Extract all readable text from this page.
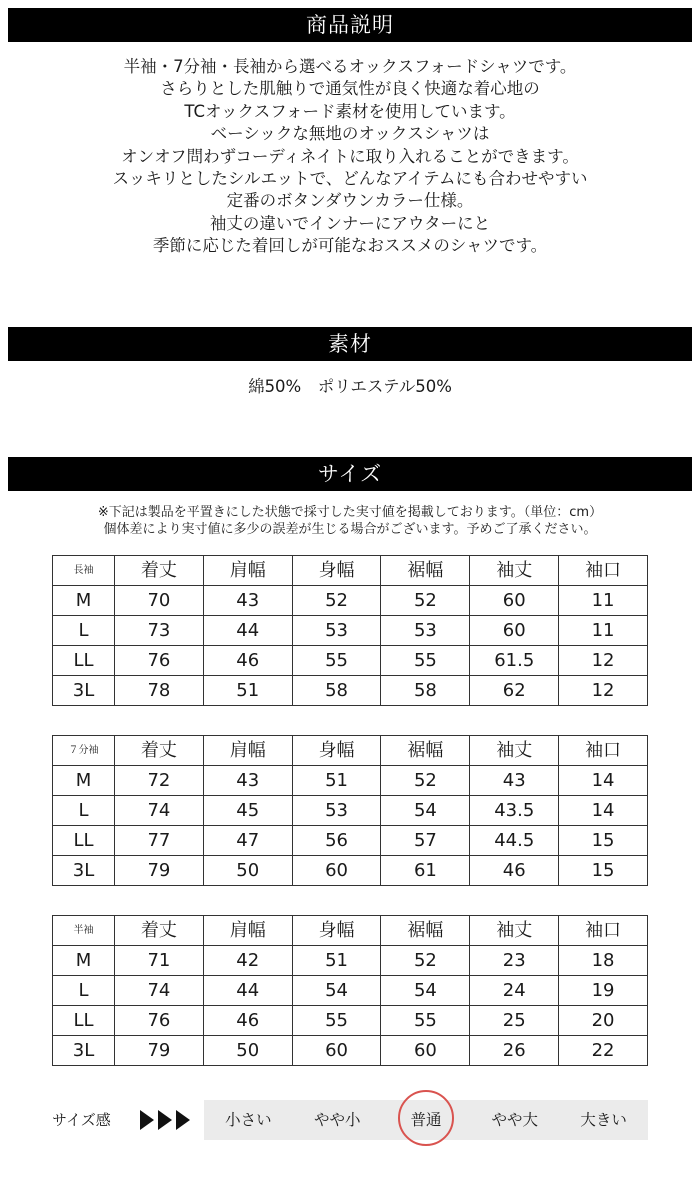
商品説明
半袖・7分袖・長袖から選べるオックスフォードシャツです。
さらりとした肌触りで通気性が良く快適な着心地の
TCオックスフォード素材を使用しています。
ベーシックな無地のオックスシャツは
オンオフ問わずコーディネイトに取り入れることができます。
スッキリとしたシルエットで、どんなアイテムにも合わせやすい
定番のボタンダウンカラー仕様。
袖丈の違いでインナーにアウターにと
季節に応じた着回しが可能なおススメのシャツです。
素材
綿50%　ポリエステル50%
サイズ
※下記は製品を平置きにした状態で採寸した実寸値を掲載しております。（単位：cm）
個体差により実寸値に多少の誤差が生じる場合がございます。予めご了承ください。
長袖	着丈	肩幅	身幅	裾幅	袖丈	袖口
M	70	43	52	52	60	11
L	73	44	53	53	60	11
LL	76	46	55	55	61.5	12
3L	78	51	58	58	62	12
７分袖	着丈	肩幅	身幅	裾幅	袖丈	袖口
M	72	43	51	52	43	14
L	74	45	53	54	43.5	14
LL	77	47	56	57	44.5	15
3L	79	50	60	61	46	15
半袖	着丈	肩幅	身幅	裾幅	袖丈	袖口
M	71	42	51	52	23	18
L	74	44	54	54	24	19
LL	76	46	55	55	25	20
3L	79	50	60	60	26	22
サイズ感	小さい	やや小	普通	やや大	大きい
